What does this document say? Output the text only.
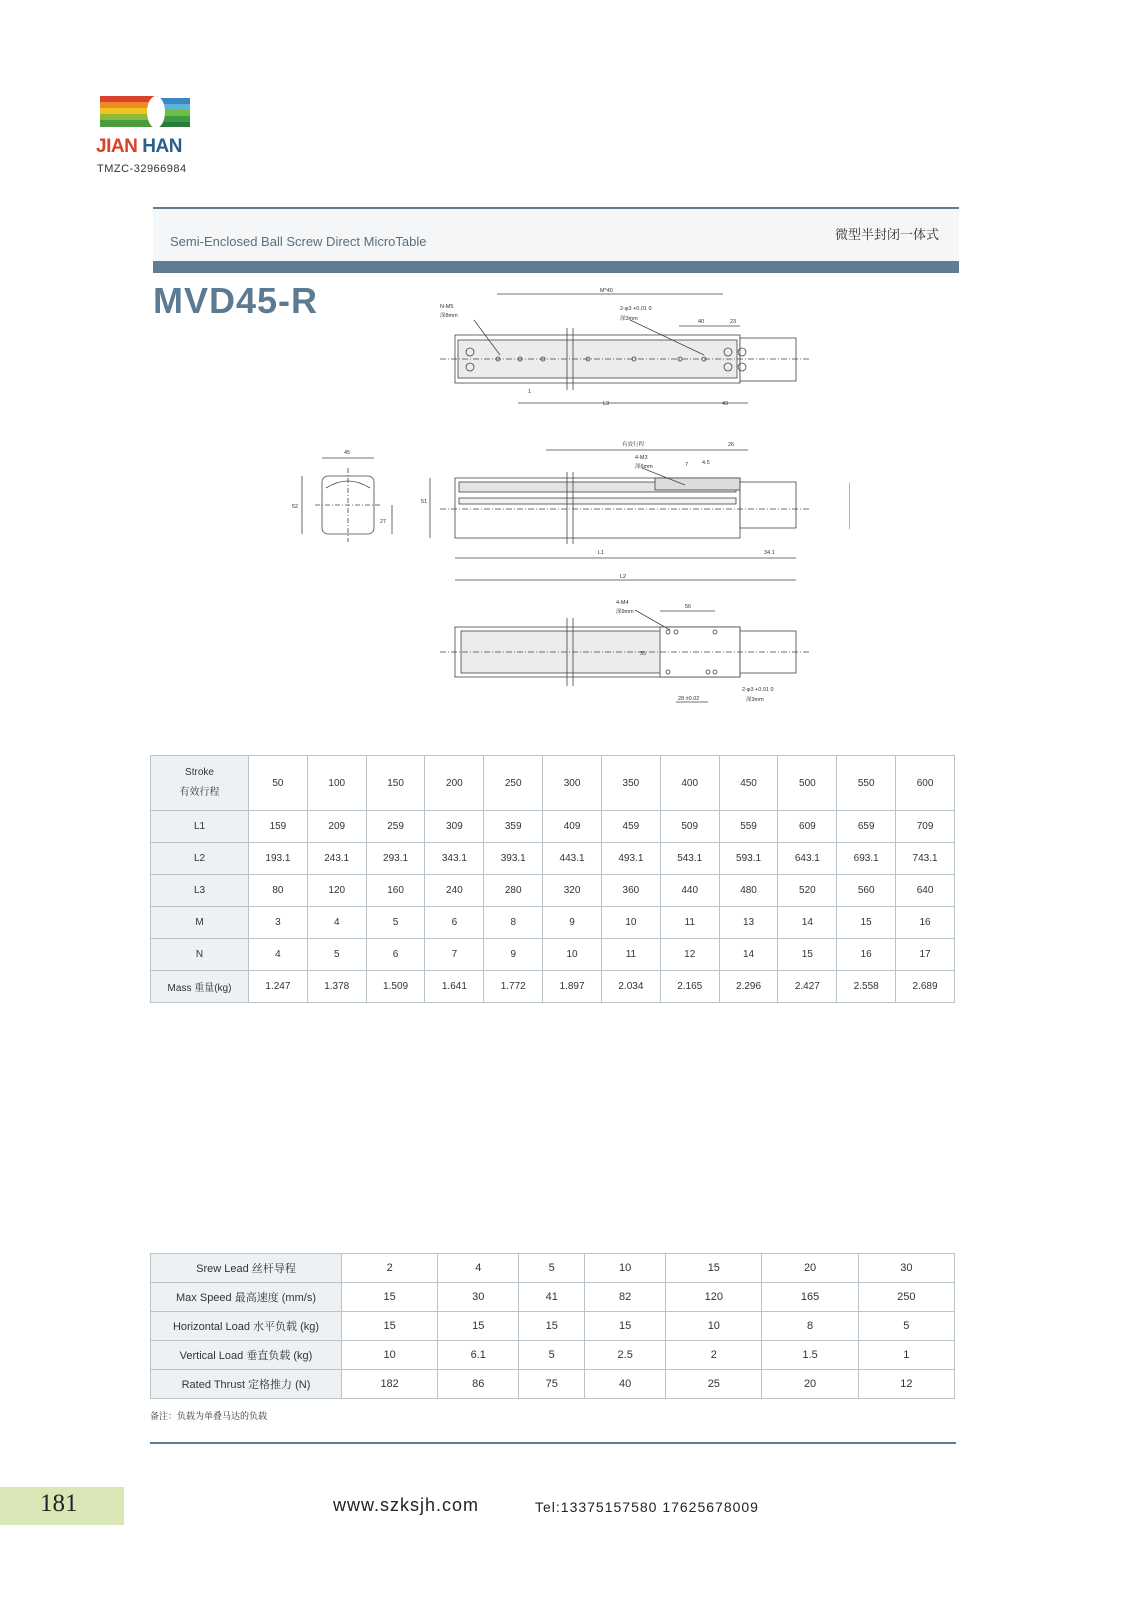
JIAN HAN
TMZC-32966984
Semi-Enclosed Ball Screw Direct MicroTable	微型半封闭一体式
MVD45-R	N-M5
深8mm
M*40
2-φ3 +0.01 0
深3mm	40	23
1
L3	43
45
52
27
51
有效行程	26
4-M3
深6mm
4.5
7
L1	34.1
L2
4-M4
深9mm
56
35
28 ±0.02
2-φ3 +0.01 0
深3mm
Stroke
有效行程	50	100	150	200	250	300	350	400	450	500	550	600
L1	159	209	259	309	359	409	459	509	559	609	659	709
L2	193.1	243.1	293.1	343.1	393.1	443.1	493.1	543.1	593.1	643.1	693.1	743.1
L3	80	120	160	240	280	320	360	440	480	520	560	640
M	3	4	5	6	8	9	10	11	13	14	15	16
N	4	5	6	7	9	10	11	12	14	15	16	17
Mass 重量(kg)	1.247	1.378	1.509	1.641	1.772	1.897	2.034	2.165	2.296	2.427	2.558	2.689
Srew Lead 丝杆导程	2	4	5	10	15	20	30
Max Speed 最高速度 (mm/s)	15	30	41	82	120	165	250
Horizontal Load 水平负载 (kg)	15	15	15	15	10	8	5
Vertical Load 垂直负载 (kg)	10	6.1	5	2.5	2	1.5	1
Rated Thrust 定格推力 (N)	182	86	75	40	25	20	12
备注：负载为单叠马达的负载
181	www.szksjh.com	Tel:13375157580 17625678009
